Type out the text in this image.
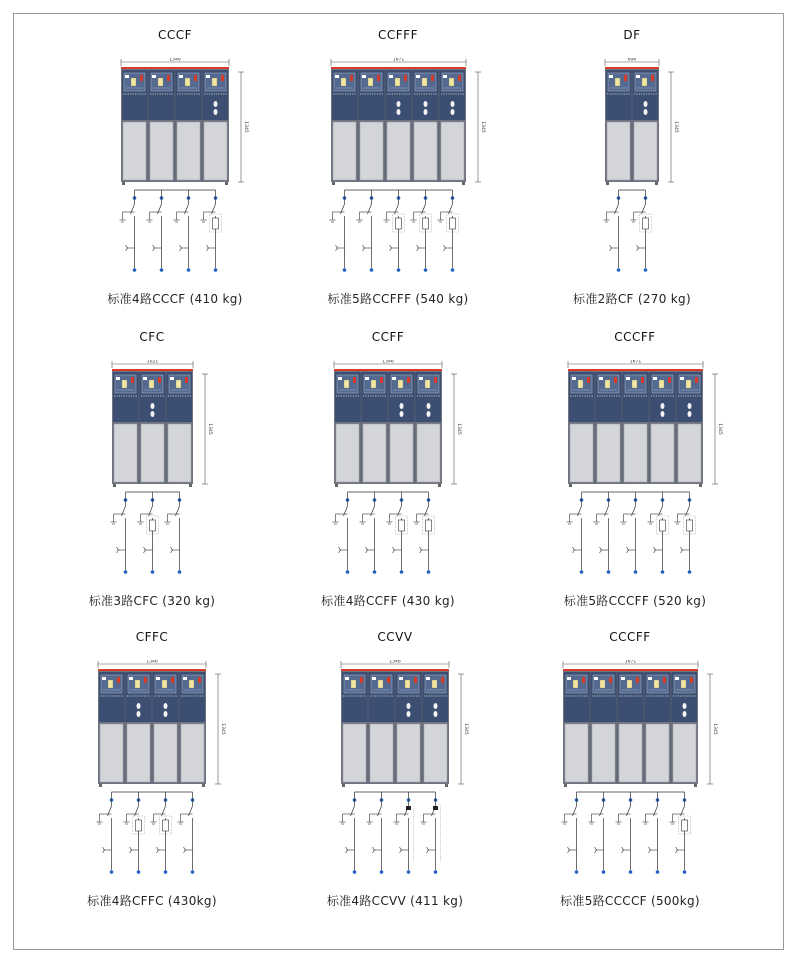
CCCF
1346
1345
标准4路CCCF (410 kg)
CCFFF
1671
1345
标准5路CCFFF (540 kg)
DF
696
1345
标准2路CF (270 kg)
CFC
1021
1345
标准3路CFC (320 kg)
CCFF
1346
1345
标准4路CCFF (430 kg)
CCCFF
1671
1345
标准5路CCCFF (520 kg)
CFFC
1346
1345
标准4路CFFC (430kg)
CCVV
1346
1345
标准4路CCVV (411 kg)
CCCFF
1671
1345
标准5路CCCCF (500kg)
